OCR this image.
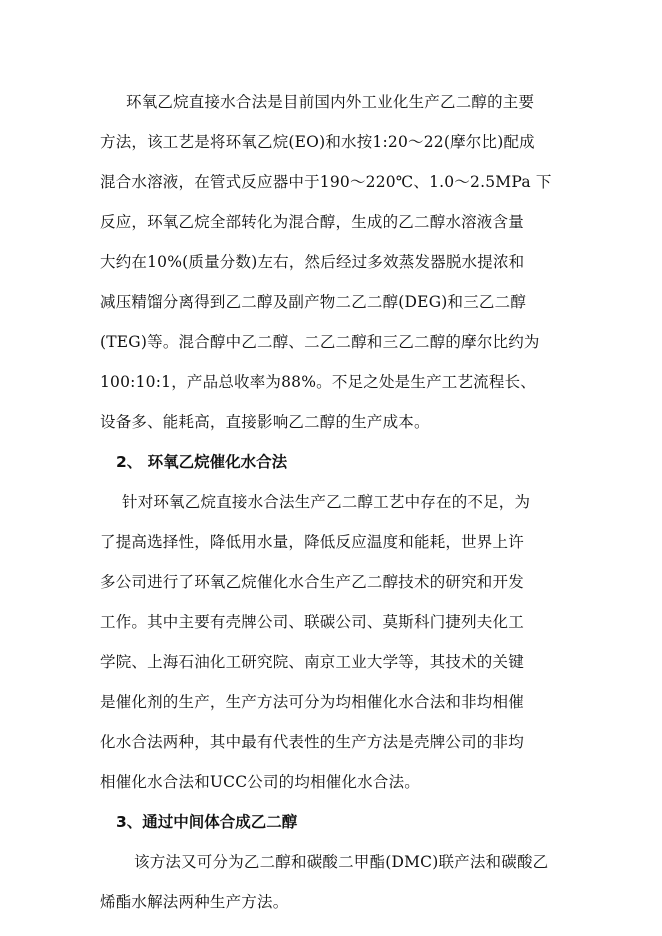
环氧乙烷直接水合法是目前国内外工业化生产乙二醇的主要
方法，该工艺是将环氧乙烷(EO)和水按1:20～22(摩尔比)配成
混合水溶液，在管式反应器中于190～220℃、1.0～2.5MPa 下
反应，环氧乙烷全部转化为混合醇，生成的乙二醇水溶液含量
大约在10%(质量分数)左右，然后经过多效蒸发器脱水提浓和
减压精馏分离得到乙二醇及副产物二乙二醇(DEG)和三乙二醇
(TEG)等。混合醇中乙二醇、二乙二醇和三乙二醇的摩尔比约为
100:10:1，产品总收率为88%。不足之处是生产工艺流程长、
设备多、能耗高，直接影响乙二醇的生产成本。
2、 环氧乙烷催化水合法
针对环氧乙烷直接水合法生产乙二醇工艺中存在的不足，为
了提高选择性，降低用水量，降低反应温度和能耗，世界上许
多公司进行了环氧乙烷催化水合生产乙二醇技术的研究和开发
工作。其中主要有壳牌公司、联碳公司、莫斯科门捷列夫化工
学院、上海石油化工研究院、南京工业大学等，其技术的关键
是催化剂的生产，生产方法可分为均相催化水合法和非均相催
化水合法两种，其中最有代表性的生产方法是壳牌公司的非均
相催化水合法和UCC公司的均相催化水合法。
3、通过中间体合成乙二醇
该方法又可分为乙二醇和碳酸二甲酯(DMC)联产法和碳酸乙
烯酯水解法两种生产方法。
